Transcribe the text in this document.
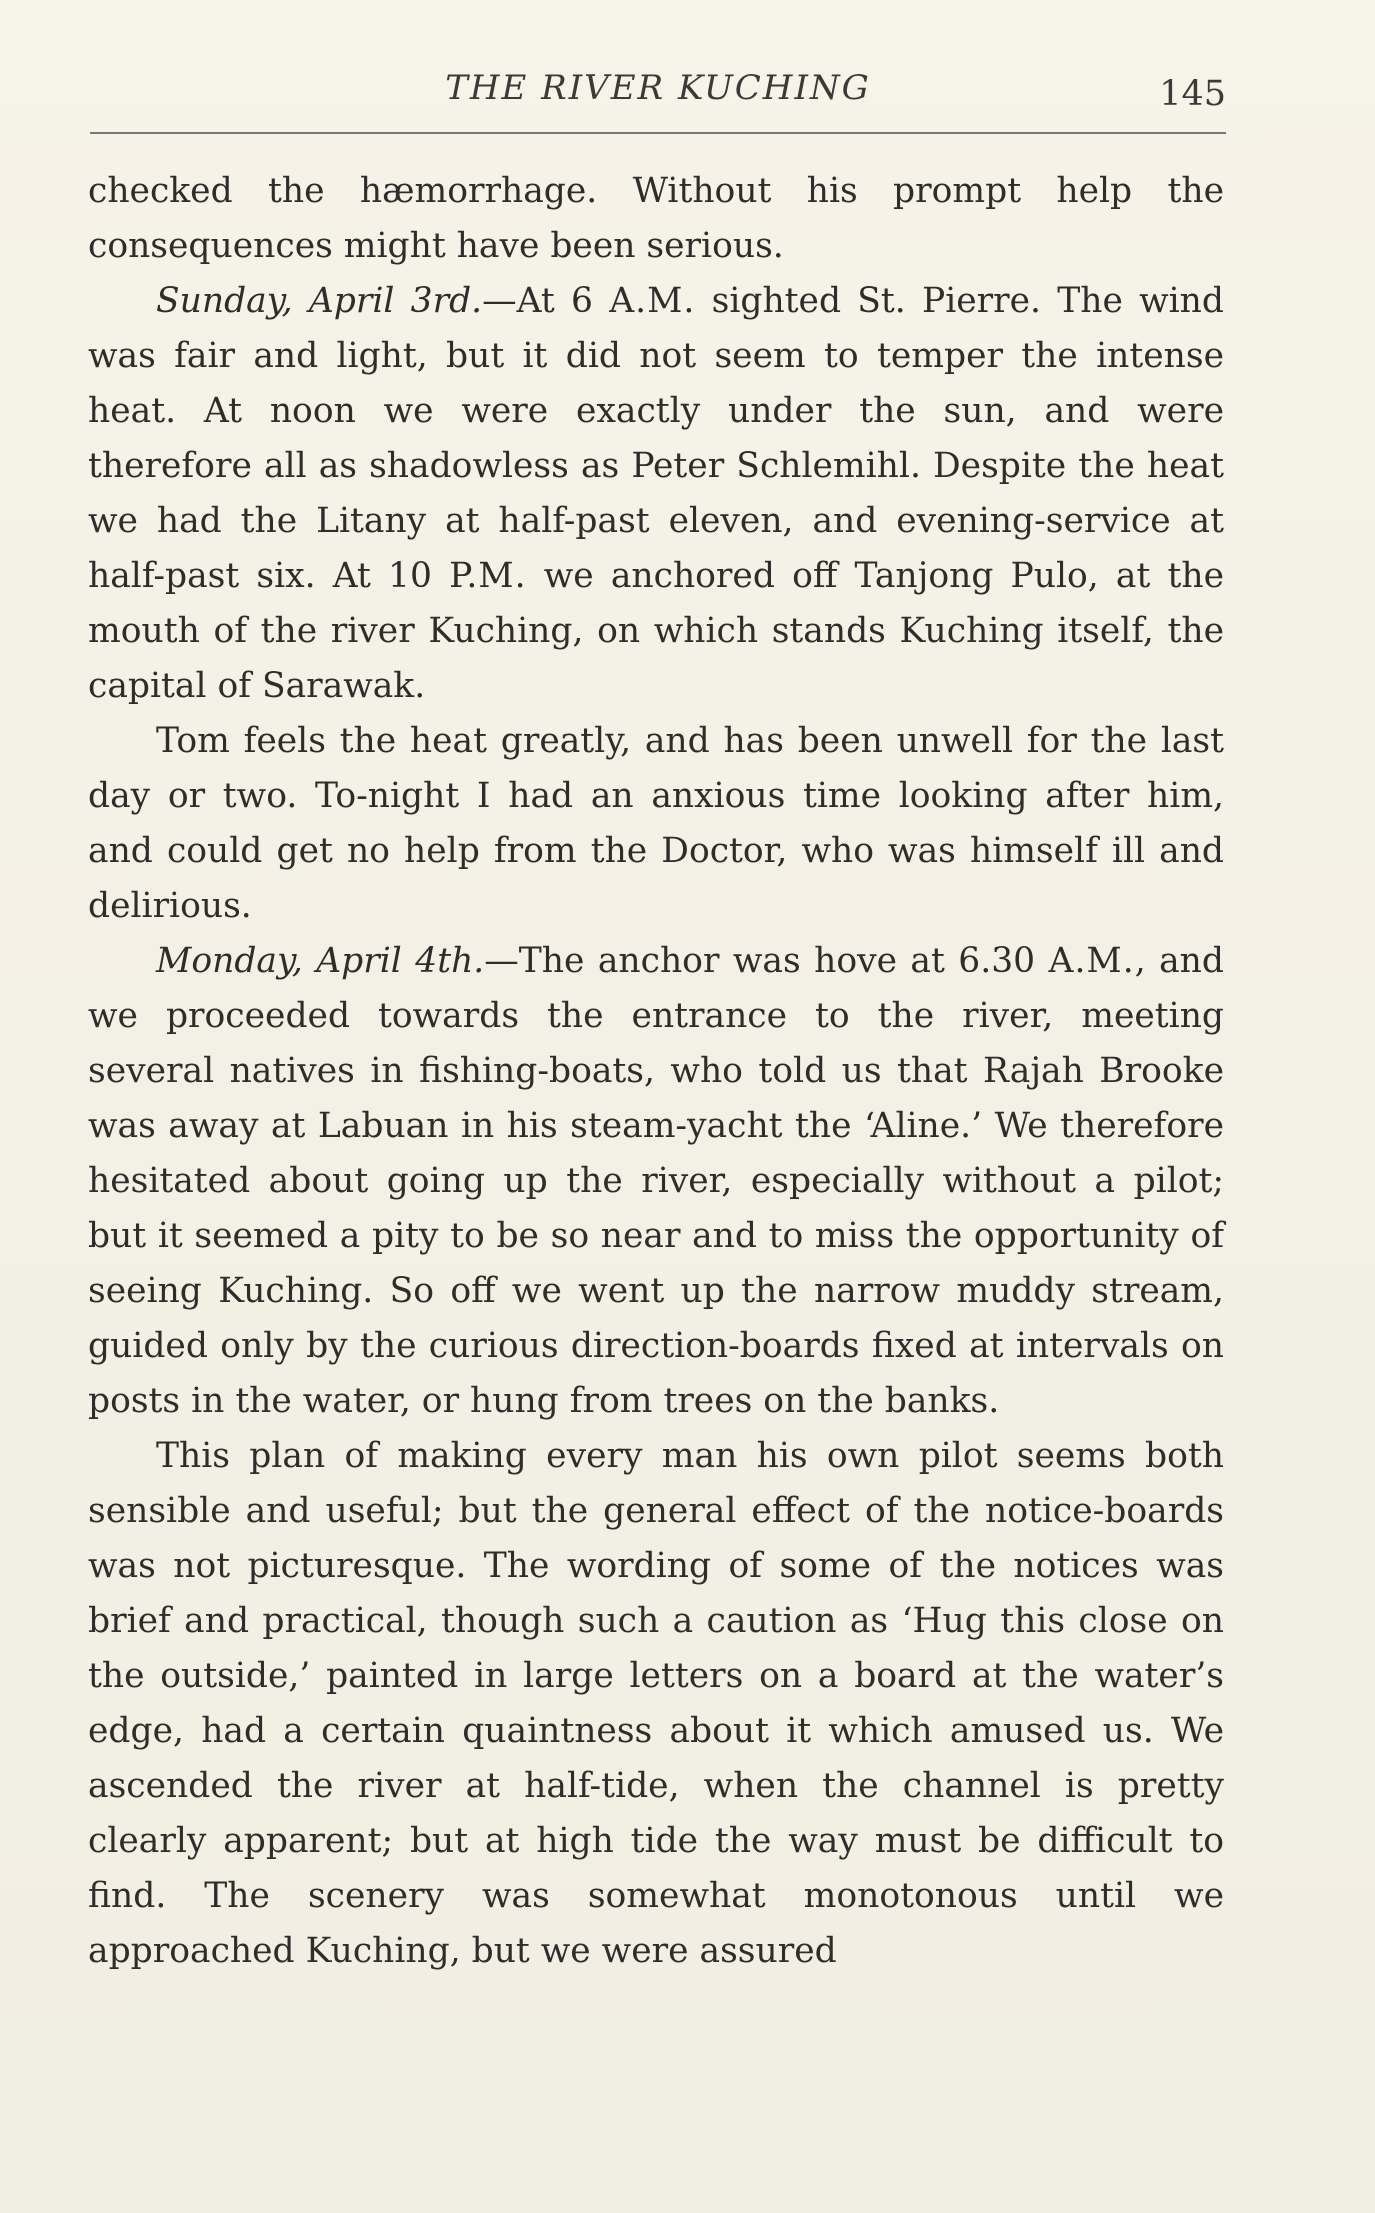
THE RIVER KUCHING	145

checked the hæmorrhage. Without his prompt help the consequences might have been serious.

Sunday, April 3rd.—At 6 A.M. sighted St. Pierre. The wind was fair and light, but it did not seem to temper the intense heat. At noon we were exactly under the sun, and were therefore all as shadowless as Peter Schlemihl. Despite the heat we had the Litany at half-past eleven, and evening-service at half-past six. At 10 P.M. we anchored off Tanjong Pulo, at the mouth of the river Kuching, on which stands Kuching itself, the capital of Sarawak.

Tom feels the heat greatly, and has been unwell for the last day or two. To-night I had an anxious time looking after him, and could get no help from the Doctor, who was himself ill and delirious.

Monday, April 4th.—The anchor was hove at 6.30 A.M., and we proceeded towards the entrance to the river, meeting several natives in fishing-boats, who told us that Rajah Brooke was away at Labuan in his steam-yacht the ‘Aline.’ We therefore hesitated about going up the river, especially without a pilot; but it seemed a pity to be so near and to miss the opportunity of seeing Kuching. So off we went up the narrow muddy stream, guided only by the curious direction-boards fixed at intervals on posts in the water, or hung from trees on the banks.

This plan of making every man his own pilot seems both sensible and useful; but the general effect of the notice-boards was not picturesque. The wording of some of the notices was brief and practical, though such a caution as ‘Hug this close on the outside,’ painted in large letters on a board at the water’s edge, had a certain quaintness about it which amused us. We ascended the river at half-tide, when the channel is pretty clearly apparent; but at high tide the way must be difficult to find. The scenery was somewhat monotonous until we approached Kuching, but we were assured
